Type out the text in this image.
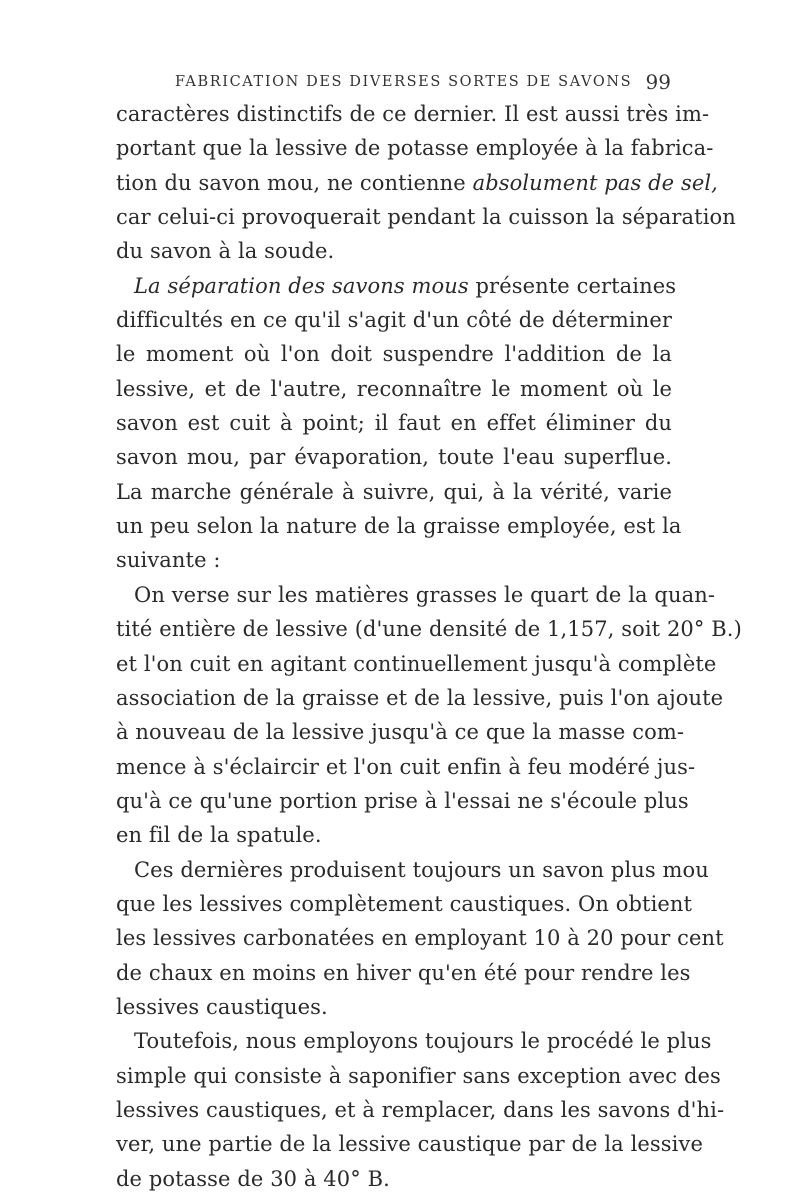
FABRICATION DES DIVERSES SORTES DE SAVONS 99
caractères distinctifs de ce dernier. Il est aussi très im-
portant que la lessive de potasse employée à la fabrica-
tion du savon mou, ne contienne absolument pas de sel,
car celui-ci provoquerait pendant la cuisson la séparation
du savon à la soude.
La séparation des savons mous présente certaines
difficultés en ce qu'il s'agit d'un côté de déterminer
le moment où l'on doit suspendre l'addition de la
lessive, et de l'autre, reconnaître le moment où le
savon est cuit à point; il faut en effet éliminer du
savon mou, par évaporation, toute l'eau superflue.
La marche générale à suivre, qui, à la vérité, varie
un peu selon la nature de la graisse employée, est la
suivante :
On verse sur les matières grasses le quart de la quan-
tité entière de lessive (d'une densité de 1,157, soit 20° B.)
et l'on cuit en agitant continuellement jusqu'à complète
association de la graisse et de la lessive, puis l'on ajoute
à nouveau de la lessive jusqu'à ce que la masse com-
mence à s'éclaircir et l'on cuit enfin à feu modéré jus-
qu'à ce qu'une portion prise à l'essai ne s'écoule plus
en fil de la spatule.
Ces dernières produisent toujours un savon plus mou
que les lessives complètement caustiques. On obtient
les lessives carbonatées en employant 10 à 20 pour cent
de chaux en moins en hiver qu'en été pour rendre les
lessives caustiques.
Toutefois, nous employons toujours le procédé le plus
simple qui consiste à saponifier sans exception avec des
lessives caustiques, et à remplacer, dans les savons d'hi-
ver, une partie de la lessive caustique par de la lessive
de potasse de 30 à 40° B.
